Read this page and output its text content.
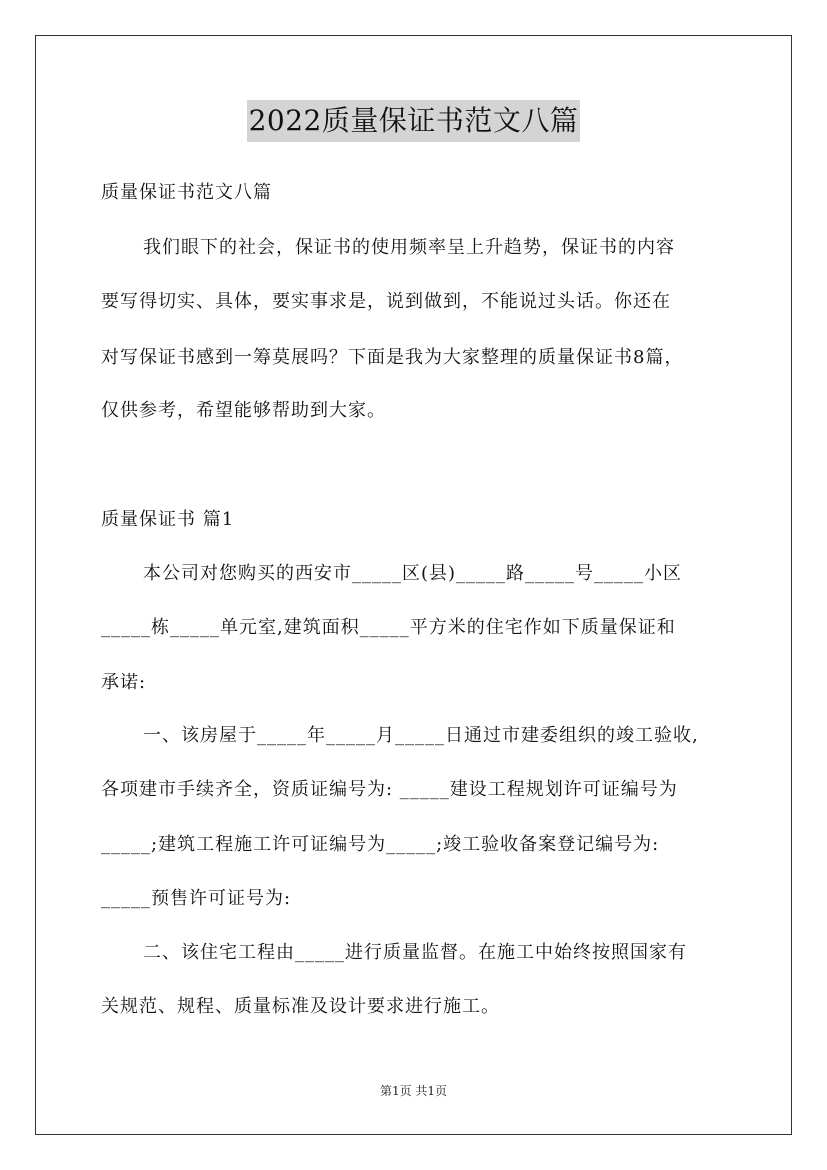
2022质量保证书范文八篇
质量保证书范文八篇
我们眼下的社会，保证书的使用频率呈上升趋势，保证书的内容
要写得切实、具体，要实事求是，说到做到，不能说过头话。你还在
对写保证书感到一筹莫展吗？下面是我为大家整理的质量保证书8篇，
仅供参考，希望能够帮助到大家。
质量保证书 篇1
本公司对您购买的西安市_____区(县)_____路_____号_____小区
_____栋_____单元室,建筑面积_____平方米的住宅作如下质量保证和
承诺:
一、该房屋于_____年_____月_____日通过市建委组织的竣工验收,
各项建市手续齐全，资质证编号为: _____建设工程规划许可证编号为
_____;建筑工程施工许可证编号为_____;竣工验收备案登记编号为:
_____预售许可证号为:
二、该住宅工程由_____进行质量监督。在施工中始终按照国家有
关规范、规程、质量标准及设计要求进行施工。
第1页 共1页
